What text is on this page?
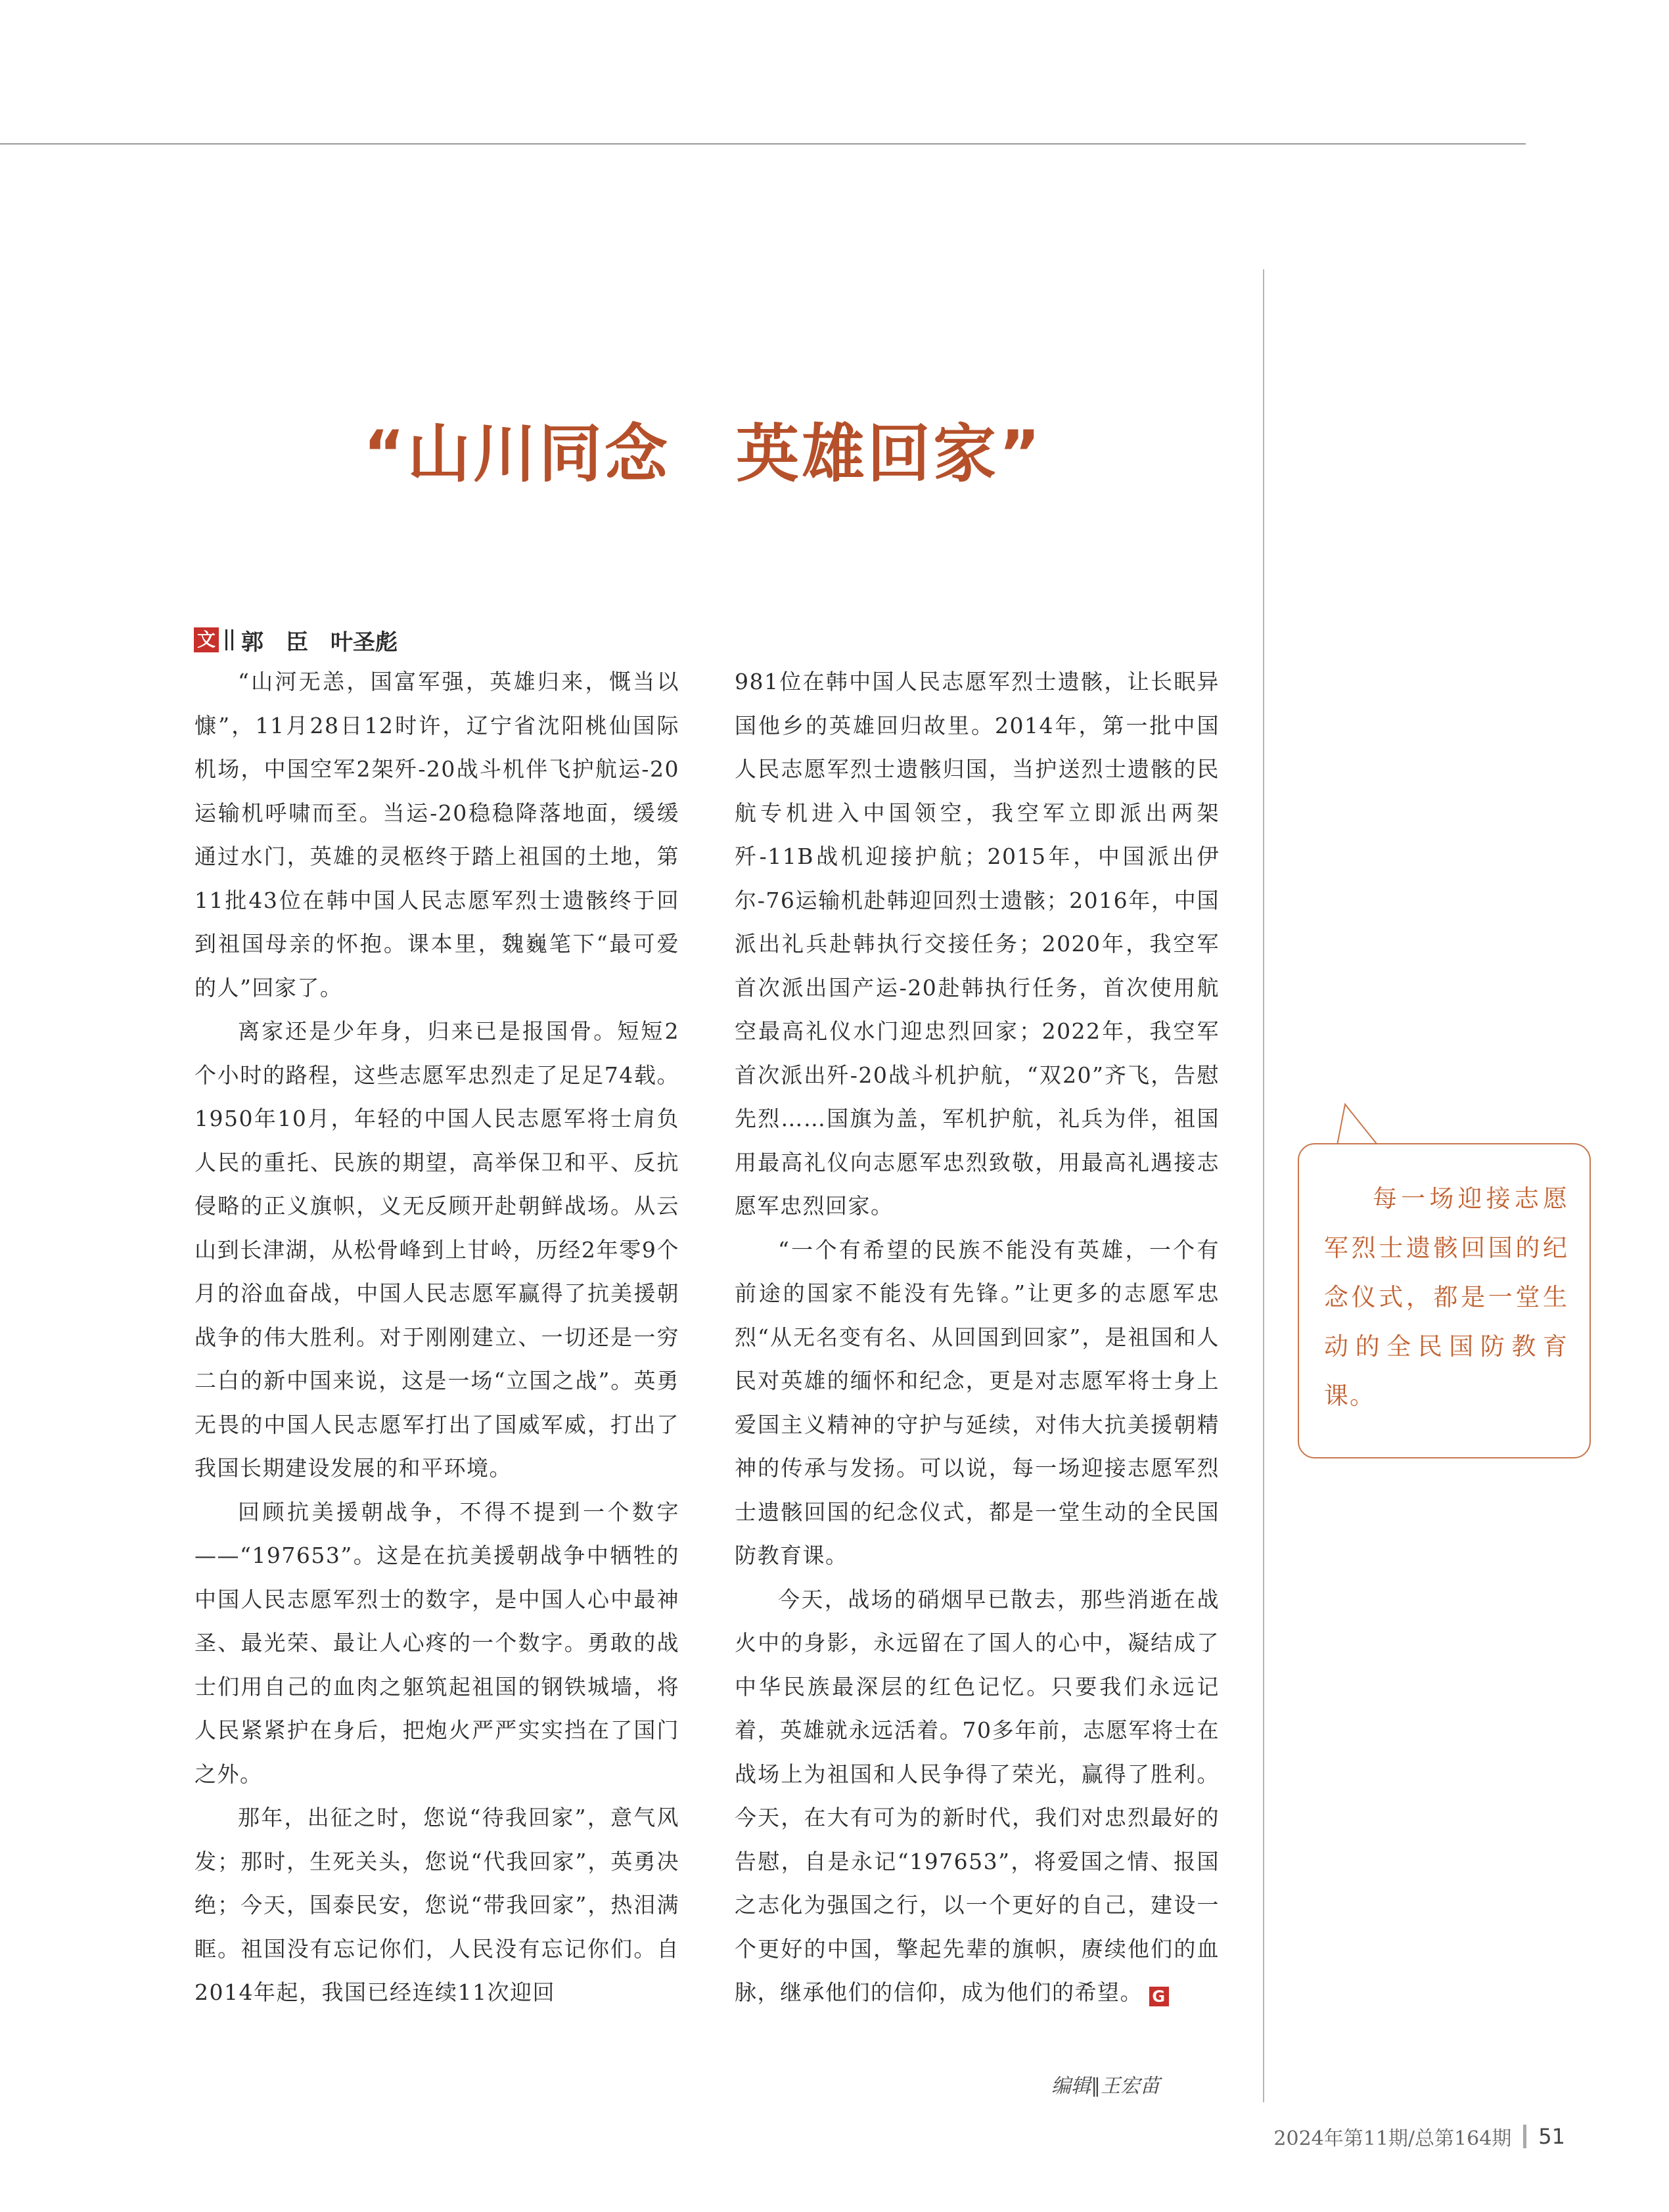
“山川同念　英雄回家”
文 郭　臣　叶圣彪

“山河无恙，国富军强，英雄归来，慨当以慷”，11月28日12时许，辽宁省沈阳桃仙国际机场，中国空军2架歼-20战斗机伴飞护航运-20运输机呼啸而至。当运-20稳稳降落地面，缓缓通过水门，英雄的灵柩终于踏上祖国的土地，第11批43位在韩中国人民志愿军烈士遗骸终于回到祖国母亲的怀抱。课本里，魏巍笔下“最可爱的人”回家了。

离家还是少年身，归来已是报国骨。短短2个小时的路程，这些志愿军忠烈走了足足74载。1950年10月，年轻的中国人民志愿军将士肩负人民的重托、民族的期望，高举保卫和平、反抗侵略的正义旗帜，义无反顾开赴朝鲜战场。从云山到长津湖，从松骨峰到上甘岭，历经2年零9个月的浴血奋战，中国人民志愿军赢得了抗美援朝战争的伟大胜利。对于刚刚建立、一切还是一穷二白的新中国来说，这是一场“立国之战”。英勇无畏的中国人民志愿军打出了国威军威，打出了我国长期建设发展的和平环境。

回顾抗美援朝战争，不得不提到一个数字——“197653”。这是在抗美援朝战争中牺牲的中国人民志愿军烈士的数字，是中国人心中最神圣、最光荣、最让人心疼的一个数字。勇敢的战士们用自己的血肉之躯筑起祖国的钢铁城墙，将人民紧紧护在身后，把炮火严严实实挡在了国门之外。

那年，出征之时，您说“待我回家”，意气风发；那时，生死关头，您说“代我回家”，英勇决绝；今天，国泰民安，您说“带我回家”，热泪满眶。祖国没有忘记你们，人民没有忘记你们。自2014年起，我国已经连续11次迎回

981位在韩中国人民志愿军烈士遗骸，让长眠异国他乡的英雄回归故里。2014年，第一批中国人民志愿军烈士遗骸归国，当护送烈士遗骸的民航专机进入中国领空，我空军立即派出两架歼-11B战机迎接护航；2015年，中国派出伊尔-76运输机赴韩迎回烈士遗骸；2016年，中国派出礼兵赴韩执行交接任务；2020年，我空军首次派出国产运-20赴韩执行任务，首次使用航空最高礼仪水门迎忠烈回家；2022年，我空军首次派出歼-20战斗机护航，“双20”齐飞，告慰先烈……国旗为盖，军机护航，礼兵为伴，祖国用最高礼仪向志愿军忠烈致敬，用最高礼遇接志愿军忠烈回家。

“一个有希望的民族不能没有英雄，一个有前途的国家不能没有先锋。”让更多的志愿军忠烈“从无名变有名、从回国到回家”，是祖国和人民对英雄的缅怀和纪念，更是对志愿军将士身上爱国主义精神的守护与延续，对伟大抗美援朝精神的传承与发扬。可以说，每一场迎接志愿军烈士遗骸回国的纪念仪式，都是一堂生动的全民国防教育课。

今天，战场的硝烟早已散去，那些消逝在战火中的身影，永远留在了国人的心中，凝结成了中华民族最深层的红色记忆。只要我们永远记着，英雄就永远活着。70多年前，志愿军将士在战场上为祖国和人民争得了荣光，赢得了胜利。今天，在大有可为的新时代，我们对忠烈最好的告慰，自是永记“197653”，将爱国之情、报国之志化为强国之行，以一个更好的自己，建设一个更好的中国，擎起先辈的旗帜，赓续他们的血脉，继承他们的信仰，成为他们的希望。 G

每一场迎接志愿军烈士遗骸回国的纪念仪式，都是一堂生动的全民国防教育课。
编辑∥王宏苗
2024年第11期/总第164期 51
